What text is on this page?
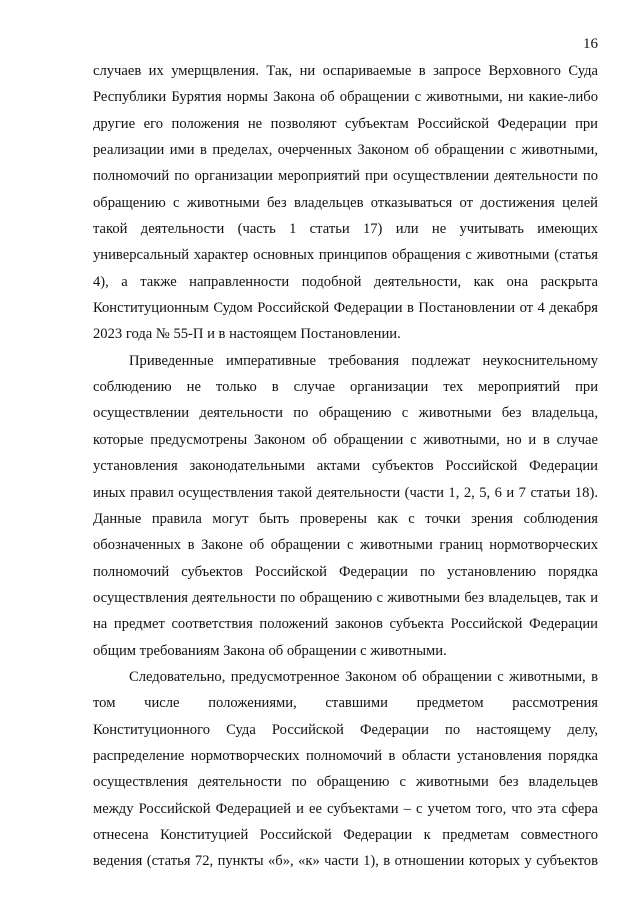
16

случаев их умерщвления. Так, ни оспариваемые в запросе Верховного Суда
Республики Бурятия нормы Закона об обращении с животными, ни какие-либо
другие его положения не позволяют субъектам Российской Федерации при
реализации ими в пределах, очерченных Законом об обращении с животными,
полномочий по организации мероприятий при осуществлении деятельности по
обращению с животными без владельцев отказываться от достижения целей
такой деятельности (часть 1 статьи 17) или не учитывать имеющих
универсальный характер основных принципов обращения с животными (статья
4), а также направленности подобной деятельности, как она раскрыта
Конституционным Судом Российской Федерации в Постановлении от 4 декабря
2023 года № 55-П и в настоящем Постановлении.

Приведенные императивные требования подлежат неукоснительному
соблюдению не только в случае организации тех мероприятий при
осуществлении деятельности по обращению с животными без владельца,
которые предусмотрены Законом об обращении с животными, но и в случае
установления законодательными актами субъектов Российской Федерации
иных правил осуществления такой деятельности (части 1, 2, 5, 6 и 7 статьи 18).
Данные правила могут быть проверены как с точки зрения соблюдения
обозначенных в Законе об обращении с животными границ нормотворческих
полномочий субъектов Российской Федерации по установлению порядка
осуществления деятельности по обращению с животными без владельцев, так и
на предмет соответствия положений законов субъекта Российской Федерации
общим требованиям Закона об обращении с животными.

Следовательно, предусмотренное Законом об обращении с животными, в
том числе положениями, ставшими предметом рассмотрения
Конституционного Суда Российской Федерации по настоящему делу,
распределение нормотворческих полномочий в области установления порядка
осуществления деятельности по обращению с животными без владельцев
между Российской Федерацией и ее субъектами – с учетом того, что эта сфера
отнесена Конституцией Российской Федерации к предметам совместного
ведения (статья 72, пункты «б», «к» части 1), в отношении которых у субъектов
